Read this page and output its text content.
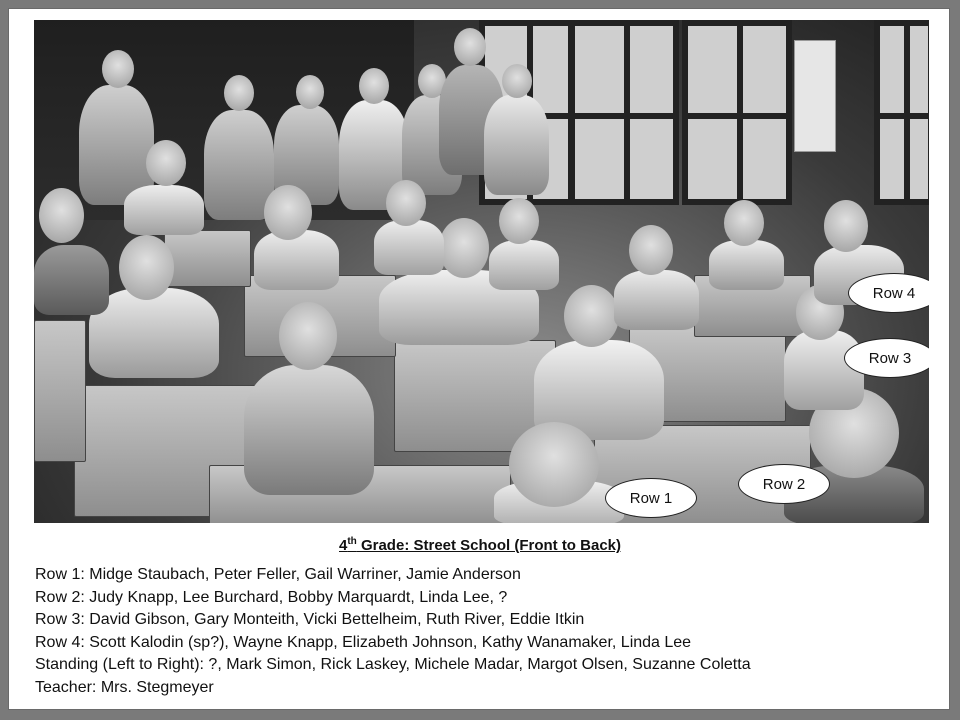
Row 1
Row 2
Row 3
Row 4
4th Grade: Street School (Front to Back)
Row 1: Midge Staubach, Peter Feller, Gail Warriner, Jamie Anderson
Row 2: Judy Knapp, Lee Burchard, Bobby Marquardt, Linda Lee, ?
Row 3: David Gibson, Gary Monteith, Vicki Bettelheim, Ruth River, Eddie Itkin
Row 4: Scott Kalodin (sp?), Wayne Knapp, Elizabeth Johnson, Kathy Wanamaker, Linda Lee
Standing (Left to Right): ?, Mark Simon, Rick Laskey, Michele Madar, Margot Olsen, Suzanne Coletta
Teacher: Mrs. Stegmeyer
